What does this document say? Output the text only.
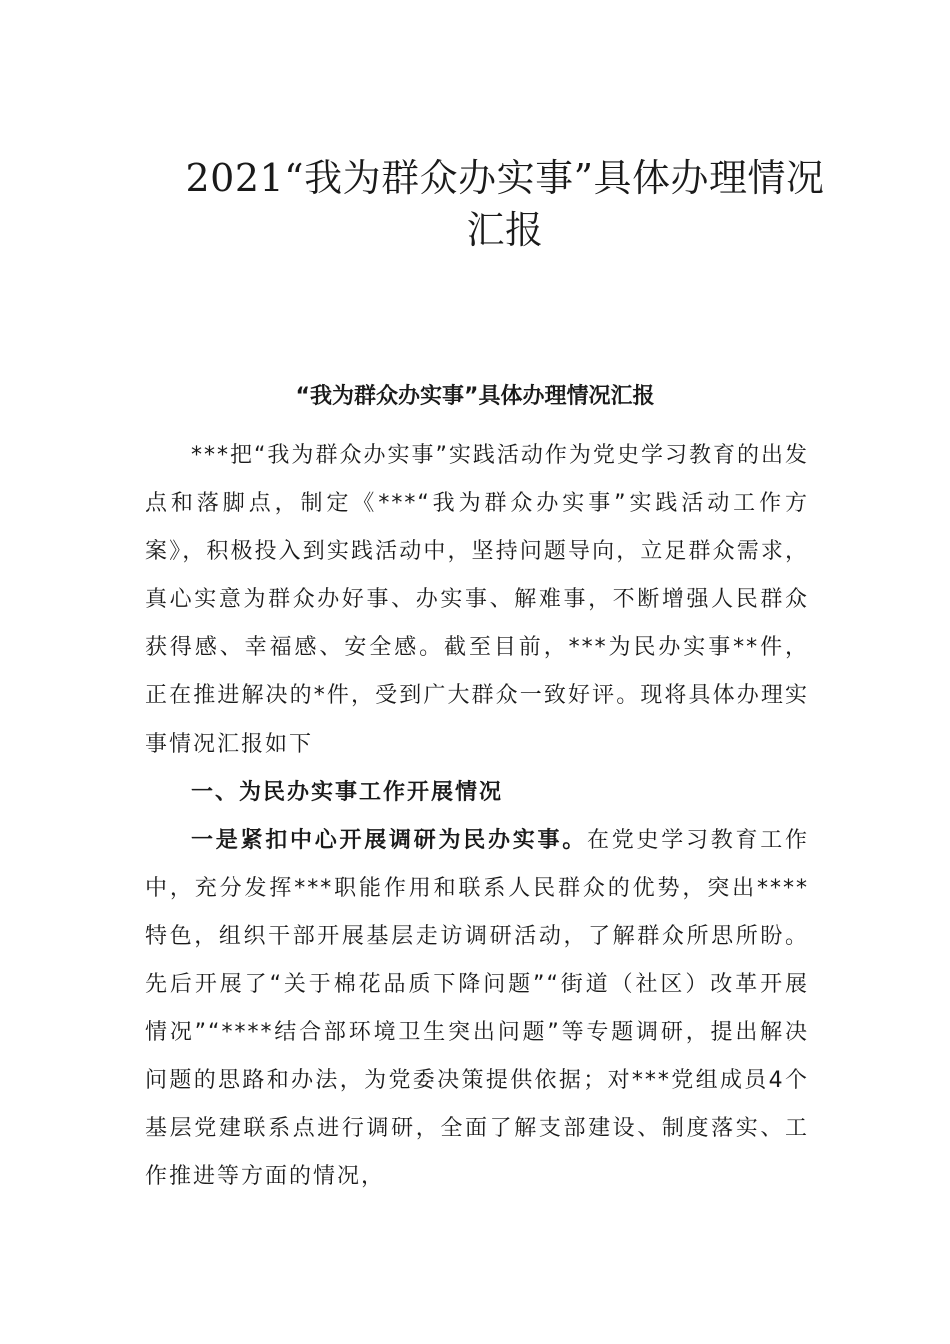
2021“我为群众办实事”具体办理情况
汇报
“我为群众办实事”具体办理情况汇报

***把“我为群众办实事”实践活动作为党史学习教育的出发点和落脚点，制定《***“我为群众办实事”实践活动工作方案》，积极投入到实践活动中，坚持问题导向，立足群众需求，真心实意为群众办好事、办实事、解难事，不断增强人民群众获得感、幸福感、安全感。截至目前，***为民办实事**件，正在推进解决的*件，受到广大群众一致好评。现将具体办理实事情况汇报如下

一、为民办实事工作开展情况

一是紧扣中心开展调研为民办实事。在党史学习教育工作中，充分发挥***职能作用和联系人民群众的优势，突出****特色，组织干部开展基层走访调研活动，了解群众所思所盼。先后开展了“关于棉花品质下降问题”“街道（社区）改革开展情况”“****结合部环境卫生突出问题”等专题调研，提出解决问题的思路和办法，为党委决策提供依据；对***党组成员4个基层党建联系点进行调研，全面了解支部建设、制度落实、工作推进等方面的情况，
